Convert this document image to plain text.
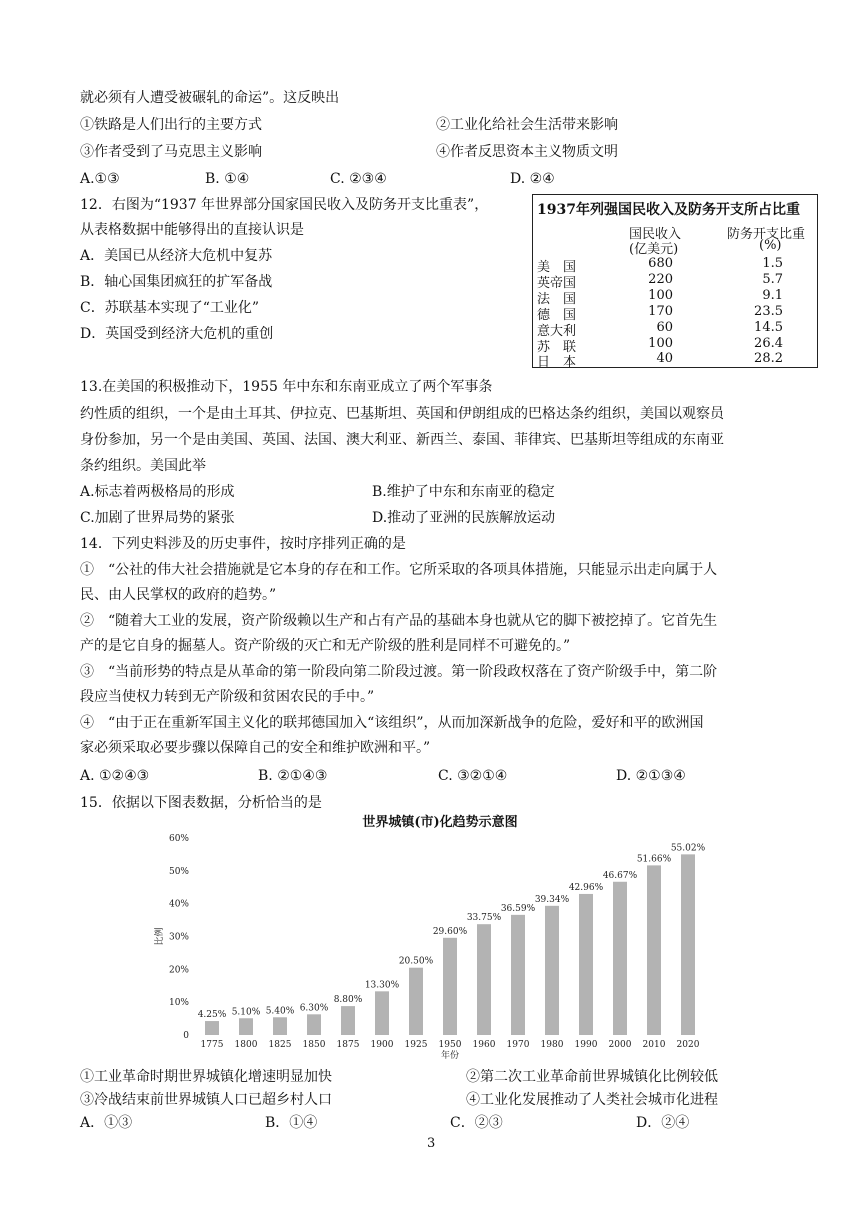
就必须有人遭受被碾轧的命运”。这反映出
①铁路是人们出行的主要方式	②工业化给社会生活带来影响
③作者受到了马克思主义影响	④作者反思资本主义物质文明
A.①③	B. ①④	C. ②③④	D. ②④
12．右图为“1937 年世界部分国家国民收入及防务开支比重表”，
从表格数据中能够得出的直接认识是
A．美国已从经济大危机中复苏
B．轴心国集团疯狂的扩军备战
C．苏联基本实现了“工业化”
D．英国受到经济大危机的重创
1937年列强国民收入及防务开支所占比重
国民收入
(亿美元)
防务开支比重
(%)
美　国	680	1.5
英帝国	220	5.7
法　国	100	9.1
德　国	170	23.5
意大利	60	14.5
苏　联	100	26.4
日　本	40	28.2
13.在美国的积极推动下，1955 年中东和东南亚成立了两个军事条
约性质的组织，一个是由土耳其、伊拉克、巴基斯坦、英国和伊朗组成的巴格达条约组织，美国以观察员
身份参加，另一个是由美国、英国、法国、澳大利亚、新西兰、泰国、菲律宾、巴基斯坦等组成的东南亚
条约组织。美国此举
A.标志着两极格局的形成	B.维护了中东和东南亚的稳定
C.加剧了世界局势的紧张	D.推动了亚洲的民族解放运动
14．下列史料涉及的历史事件，按时序排列正确的是
①　“公社的伟大社会措施就是它本身的存在和工作。它所采取的各项具体措施，只能显示出走向属于人
民、由人民掌权的政府的趋势。”
②　“随着大工业的发展，资产阶级赖以生产和占有产品的基础本身也就从它的脚下被挖掉了。它首先生
产的是它自身的掘墓人。资产阶级的灭亡和无产阶级的胜利是同样不可避免的。”
③　“当前形势的特点是从革命的第一阶段向第二阶段过渡。第一阶段政权落在了资产阶级手中，第二阶
段应当使权力转到无产阶级和贫困农民的手中。”
④　“由于正在重新军国主义化的联邦德国加入“该组织”，从而加深新战争的危险，爱好和平的欧洲国
家必须采取必要步骤以保障自己的安全和维护欧洲和平。”
A. ①②④③	B. ②①④③	C. ③②①④	D. ②①③④
15．依据以下图表数据，分析恰当的是
世界城镇(市)化趋势示意图
0
10%
20%
30%
40%
50%
60%
比例
4.25%
1775
5.10%
1800
5.40%
1825
6.30%
1850
8.80%
1875
13.30%
1900
20.50%
1925
29.60%
1950
33.75%
1960
36.59%
1970
39.34%
1980
42.96%
1990
46.67%
2000
51.66%
2010
55.02%
2020
年份
①工业革命时期世界城镇化增速明显加快	②第二次工业革命前世界城镇化比例较低
③冷战结束前世界城镇人口已超乡村人口	④工业化发展推动了人类社会城市化进程
A．①③	B．①④	C．②③	D．②④
3
